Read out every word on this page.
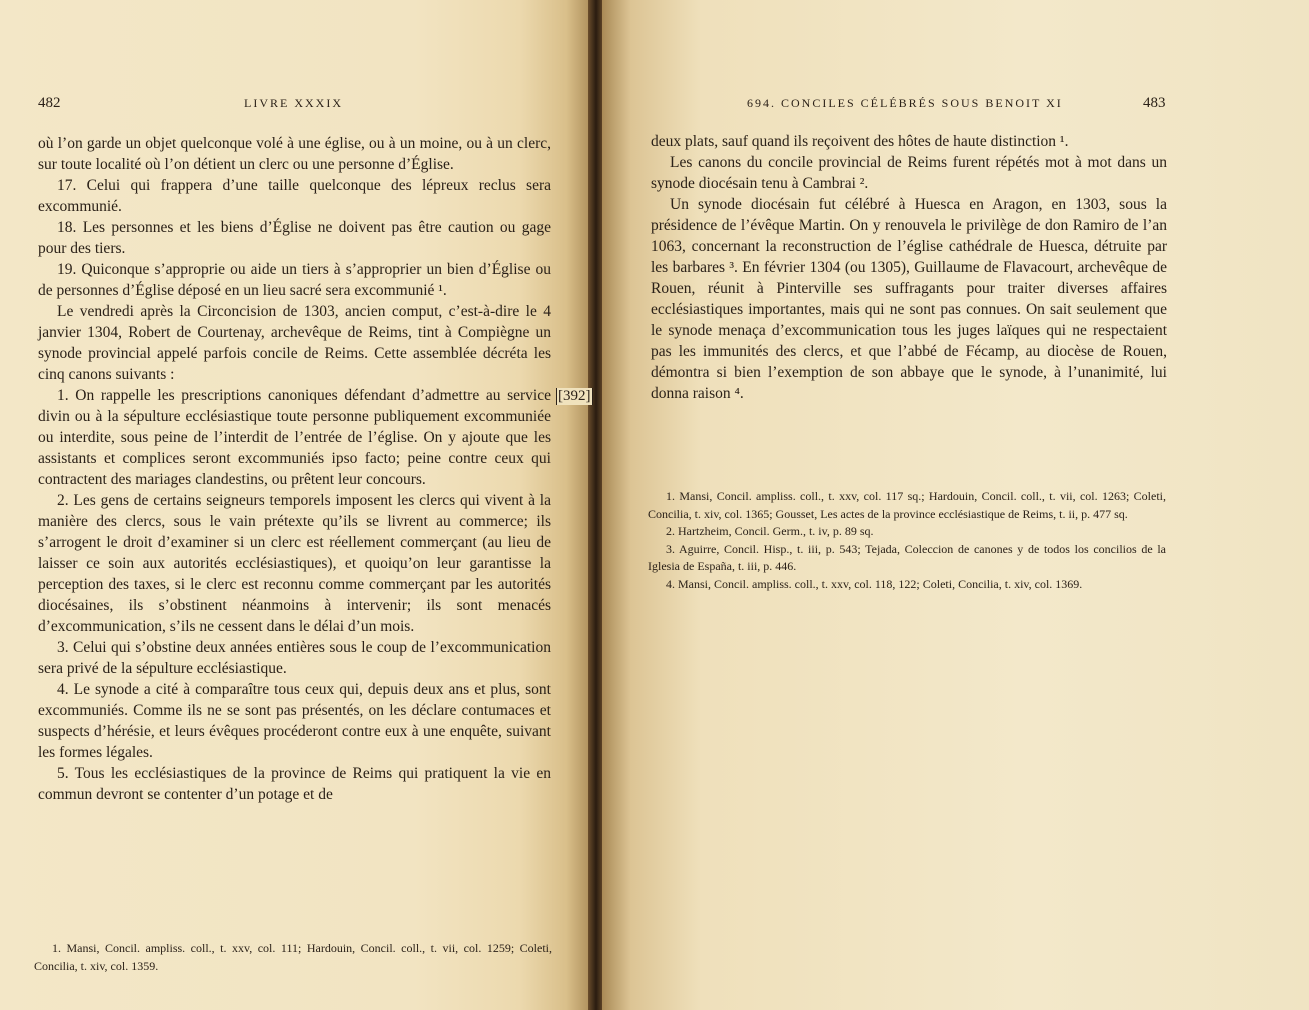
482	LIVRE XXXIX

où l’on garde un objet quelconque volé à une église, ou à un moine, ou à un clerc, sur toute localité où l’on détient un clerc ou une personne d’Église.

17. Celui qui frappera d’une taille quelconque des lépreux reclus sera excommunié.

18. Les personnes et les biens d’Église ne doivent pas être caution ou gage pour des tiers.

19. Quiconque s’approprie ou aide un tiers à s’approprier un bien d’Église ou de personnes d’Église déposé en un lieu sacré sera excommunié ¹.

Le vendredi après la Circoncision de 1303, ancien comput, c’est-à-dire le 4 janvier 1304, Robert de Courtenay, archevêque de Reims, tint à Compiègne un synode provincial appelé parfois concile de Reims. Cette assemblée décréta les cinq canons suivants :

1. On rappelle les prescriptions canoniques défendant d’admettre au service divin ou à la sépulture ecclésiastique toute personne publiquement excommuniée ou interdite, sous peine de l’interdit de l’entrée de l’église. On y ajoute que les assistants et complices seront excommuniés ipso facto; peine contre ceux qui contractent des mariages clandestins, ou prêtent leur concours.

2. Les gens de certains seigneurs temporels imposent les clercs qui vivent à la manière des clercs, sous le vain prétexte qu’ils se livrent au commerce; ils s’arrogent le droit d’examiner si un clerc est réellement commerçant (au lieu de laisser ce soin aux autorités ecclésiastiques), et quoiqu’on leur garantisse la perception des taxes, si le clerc est reconnu comme commerçant par les autorités diocésaines, ils s’obstinent néanmoins à intervenir; ils sont menacés d’excommunication, s’ils ne cessent dans le délai d’un mois.

3. Celui qui s’obstine deux années entières sous le coup de l’excommunication sera privé de la sépulture ecclésiastique.

4. Le synode a cité à comparaître tous ceux qui, depuis deux ans et plus, sont excommuniés. Comme ils ne se sont pas présentés, on les déclare contumaces et suspects d’hérésie, et leurs évêques procéderont contre eux à une enquête, suivant les formes légales.

5. Tous les ecclésiastiques de la province de Reims qui pratiquent la vie en commun devront se contenter d’un potage et de

1. Mansi, Concil. ampliss. coll., t. xxv, col. 111; Hardouin, Concil. coll., t. vii, col. 1259; Coleti, Concilia, t. xiv, col. 1359.

[392]
694. CONCILES CÉLÉBRÉS SOUS BENOIT XI	483

deux plats, sauf quand ils reçoivent des hôtes de haute distinction ¹.

Les canons du concile provincial de Reims furent répétés mot à mot dans un synode diocésain tenu à Cambrai ².

Un synode diocésain fut célébré à Huesca en Aragon, en 1303, sous la présidence de l’évêque Martin. On y renouvela le privilège de don Ramiro de l’an 1063, concernant la reconstruction de l’église cathédrale de Huesca, détruite par les barbares ³. En février 1304 (ou 1305), Guillaume de Flavacourt, archevêque de Rouen, réunit à Pinterville ses suffragants pour traiter diverses affaires ecclésiastiques importantes, mais qui ne sont pas connues. On sait seulement que le synode menaça d’excommunication tous les juges laïques qui ne respectaient pas les immunités des clercs, et que l’abbé de Fécamp, au diocèse de Rouen, démontra si bien l’exemption de son abbaye que le synode, à l’unanimité, lui donna raison ⁴.

1. Mansi, Concil. ampliss. coll., t. xxv, col. 117 sq.; Hardouin, Concil. coll., t. vii, col. 1263; Coleti, Concilia, t. xiv, col. 1365; Gousset, Les actes de la province ecclésiastique de Reims, t. ii, p. 477 sq.

2. Hartzheim, Concil. Germ., t. iv, p. 89 sq.

3. Aguirre, Concil. Hisp., t. iii, p. 543; Tejada, Coleccion de canones y de todos los concilios de la Iglesia de España, t. iii, p. 446.

4. Mansi, Concil. ampliss. coll., t. xxv, col. 118, 122; Coleti, Concilia, t. xiv, col. 1369.
